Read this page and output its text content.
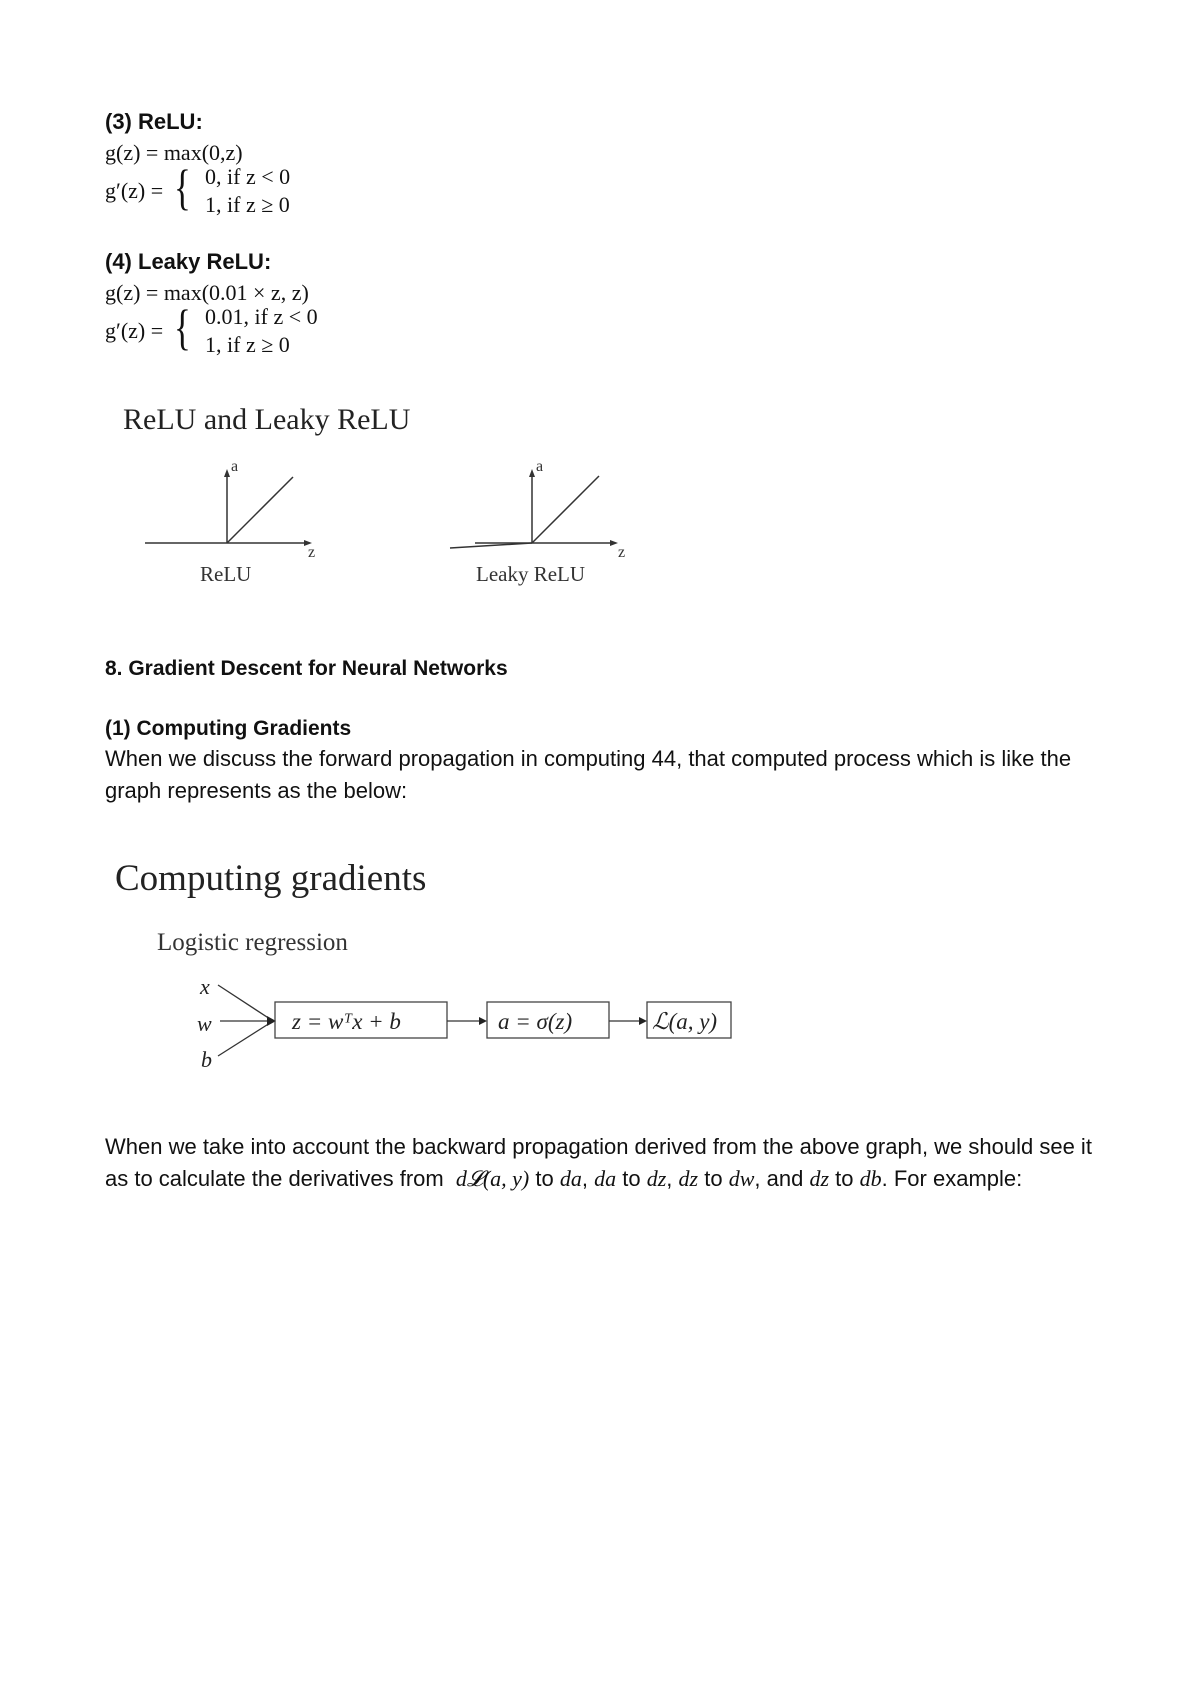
(3) ReLU:
g(z) = max(0,z)
g′(z) = { 0, if z < 0
1, if z ≥ 0
(4) Leaky ReLU:
g(z) = max(0.01 × z, z)
g′(z) = { 0.01, if z < 0
1, if z ≥ 0
ReLU and Leaky ReLU
a
z
ReLU
a
z
Leaky ReLU
8. Gradient Descent for Neural Networks
(1) Computing Gradients
When we discuss the forward propagation in computing 44, that computed process which is like the graph represents as the below:
Computing gradients
Logistic regression
x
w
b
z = wᵀx + b	a = σ(z)	ℒ(a, y)
When we take into account the backward propagation derived from the above graph, we should see it as to calculate the derivatives from d𝓛(a, y) to da, da to dz, dz to dw, and dz to db. For example:
